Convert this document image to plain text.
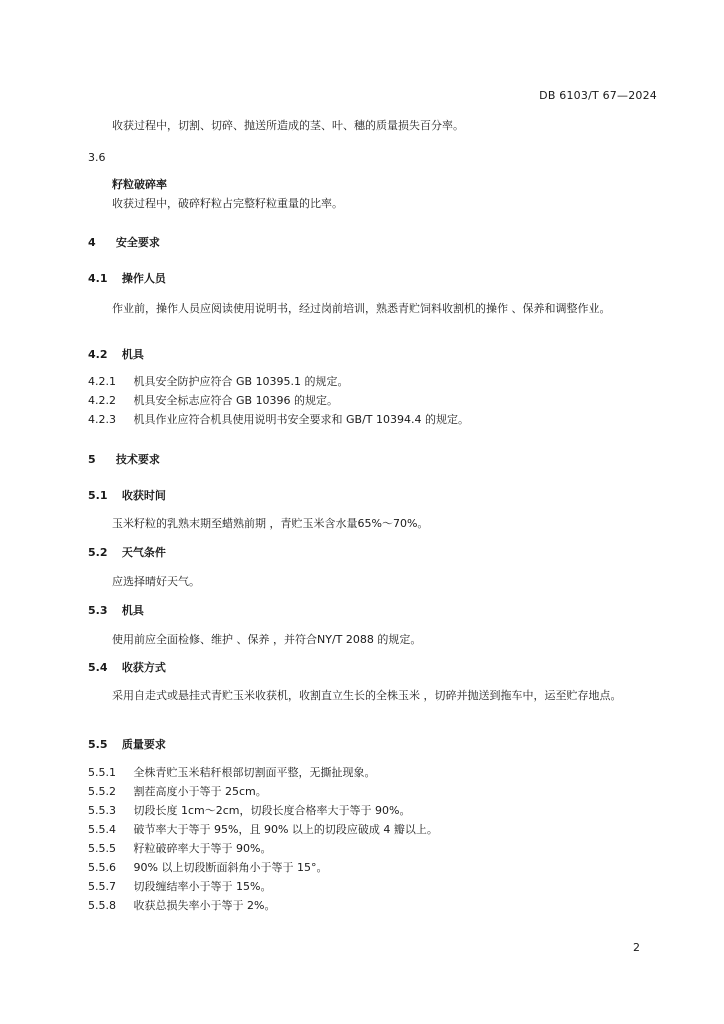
DB 6103/T 67—2024
收获过程中，切割、切碎、抛送所造成的茎、叶、穗的质量损失百分率。
3.6
籽粒破碎率
收获过程中，破碎籽粒占完整籽粒重量的比率。
4 安全要求
4.1 操作人员
作业前，操作人员应阅读使用说明书，经过岗前培训，熟悉青贮饲料收割机的操作 、保养和调整作业。
4.2 机具
4.2.1 机具安全防护应符合 GB 10395.1 的规定。
4.2.2 机具安全标志应符合 GB 10396 的规定。
4.2.3 机具作业应符合机具使用说明书安全要求和 GB/T 10394.4 的规定。
5 技术要求
5.1 收获时间
玉米籽粒的乳熟末期至蜡熟前期 ，青贮玉米含水量65%～70%。
5.2 天气条件
应选择晴好天气。
5.3 机具
使用前应全面检修、维护 、保养 ，并符合NY/T 2088 的规定。
5.4 收获方式
采用自走式或悬挂式青贮玉米收获机，收割直立生长的全株玉米 ，切碎并抛送到拖车中，运至贮存地点。
5.5 质量要求
5.5.1 全株青贮玉米秸秆根部切割面平整，无撕扯现象。
5.5.2 割茬高度小于等于 25cm。
5.5.3 切段长度 1cm～2cm，切段长度合格率大于等于 90%。
5.5.4 破节率大于等于 95%，且 90% 以上的切段应破成 4 瓣以上。
5.5.5 籽粒破碎率大于等于 90%。
5.5.6 90% 以上切段断面斜角小于等于 15°。
5.5.7 切段缠结率小于等于 15%。
5.5.8 收获总损失率小于等于 2%。
2
